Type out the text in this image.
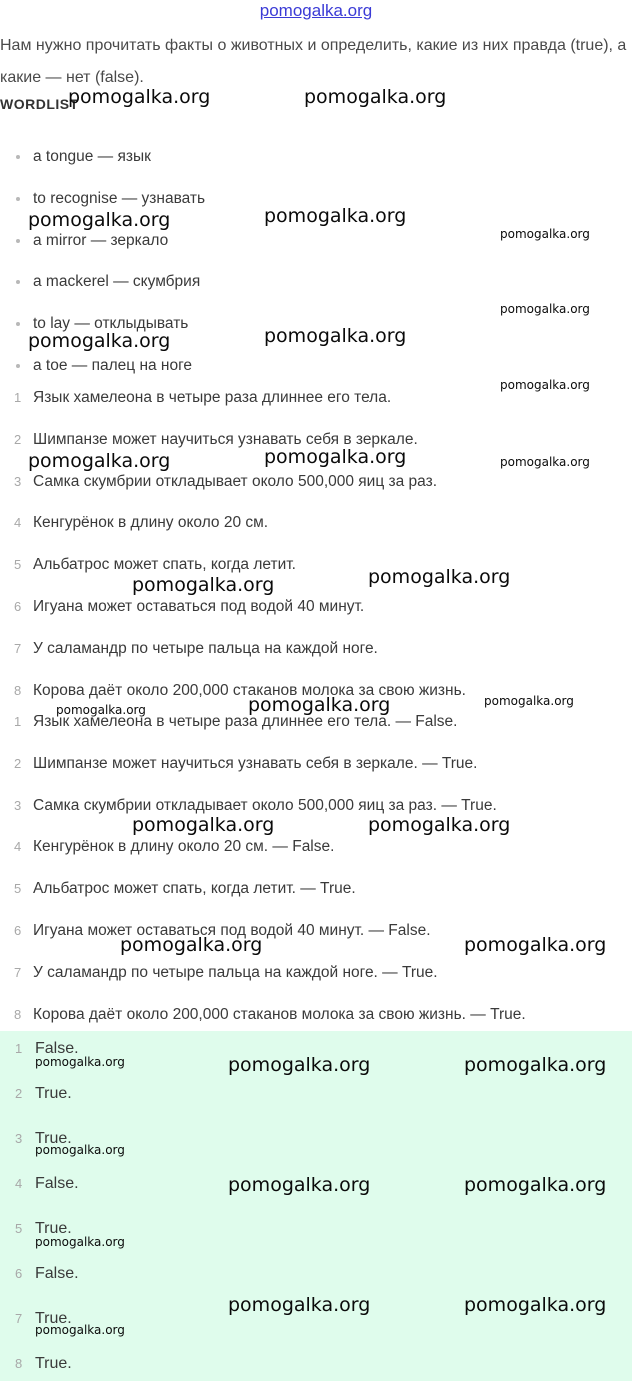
pomogalka.org
Нам нужно прочитать факты о животных и определить, какие из них правда (true), а какие — нет (false).
WORDLIST
a tongue — язык
to recognise — узнавать
a mirror — зеркало
a mackerel — скумбрия
to lay — отклыдывать
a toe — палец на ноге
1 Язык хамелеона в четыре раза длиннее его тела.
2 Шимпанзе может научиться узнавать себя в зеркале.
3 Самка скумбрии откладывает около 500,000 яиц за раз.
4 Кенгурёнок в длину около 20 см.
5 Альбатрос может спать, когда летит.
6 Игуана может оставаться под водой 40 минут.
7 У саламандр по четыре пальца на каждой ноге.
8 Корова даёт около 200,000 стаканов молока за свою жизнь.
1 Язык хамелеона в четыре раза длиннее его тела. — False.
2 Шимпанзе может научиться узнавать себя в зеркале. — True.
3 Самка скумбрии откладывает около 500,000 яиц за раз. — True.
4 Кенгурёнок в длину около 20 см. — False.
5 Альбатрос может спать, когда летит. — True.
6 Игуана может оставаться под водой 40 минут. — False.
7 У саламандр по четыре пальца на каждой ноге. — True.
8 Корова даёт около 200,000 стаканов молока за свою жизнь. — True.
1 False.
2 True.
3 True.
4 False.
5 True.
6 False.
7 True.
8 True.
pomogalka.org	pomogalka.org
pomogalka.org	pomogalka.org
pomogalka.org
pomogalka.org
pomogalka.org	pomogalka.org
pomogalka.org
pomogalka.org	pomogalka.org	pomogalka.org
pomogalka.org	pomogalka.org
pomogalka.org
pomogalka.org
pomogalka.org
pomogalka.org	pomogalka.org
pomogalka.org	pomogalka.org
pomogalka.org	pomogalka.org	pomogalka.org
pomogalka.org
pomogalka.org	pomogalka.org
pomogalka.org
pomogalka.org	pomogalka.org
pomogalka.org
